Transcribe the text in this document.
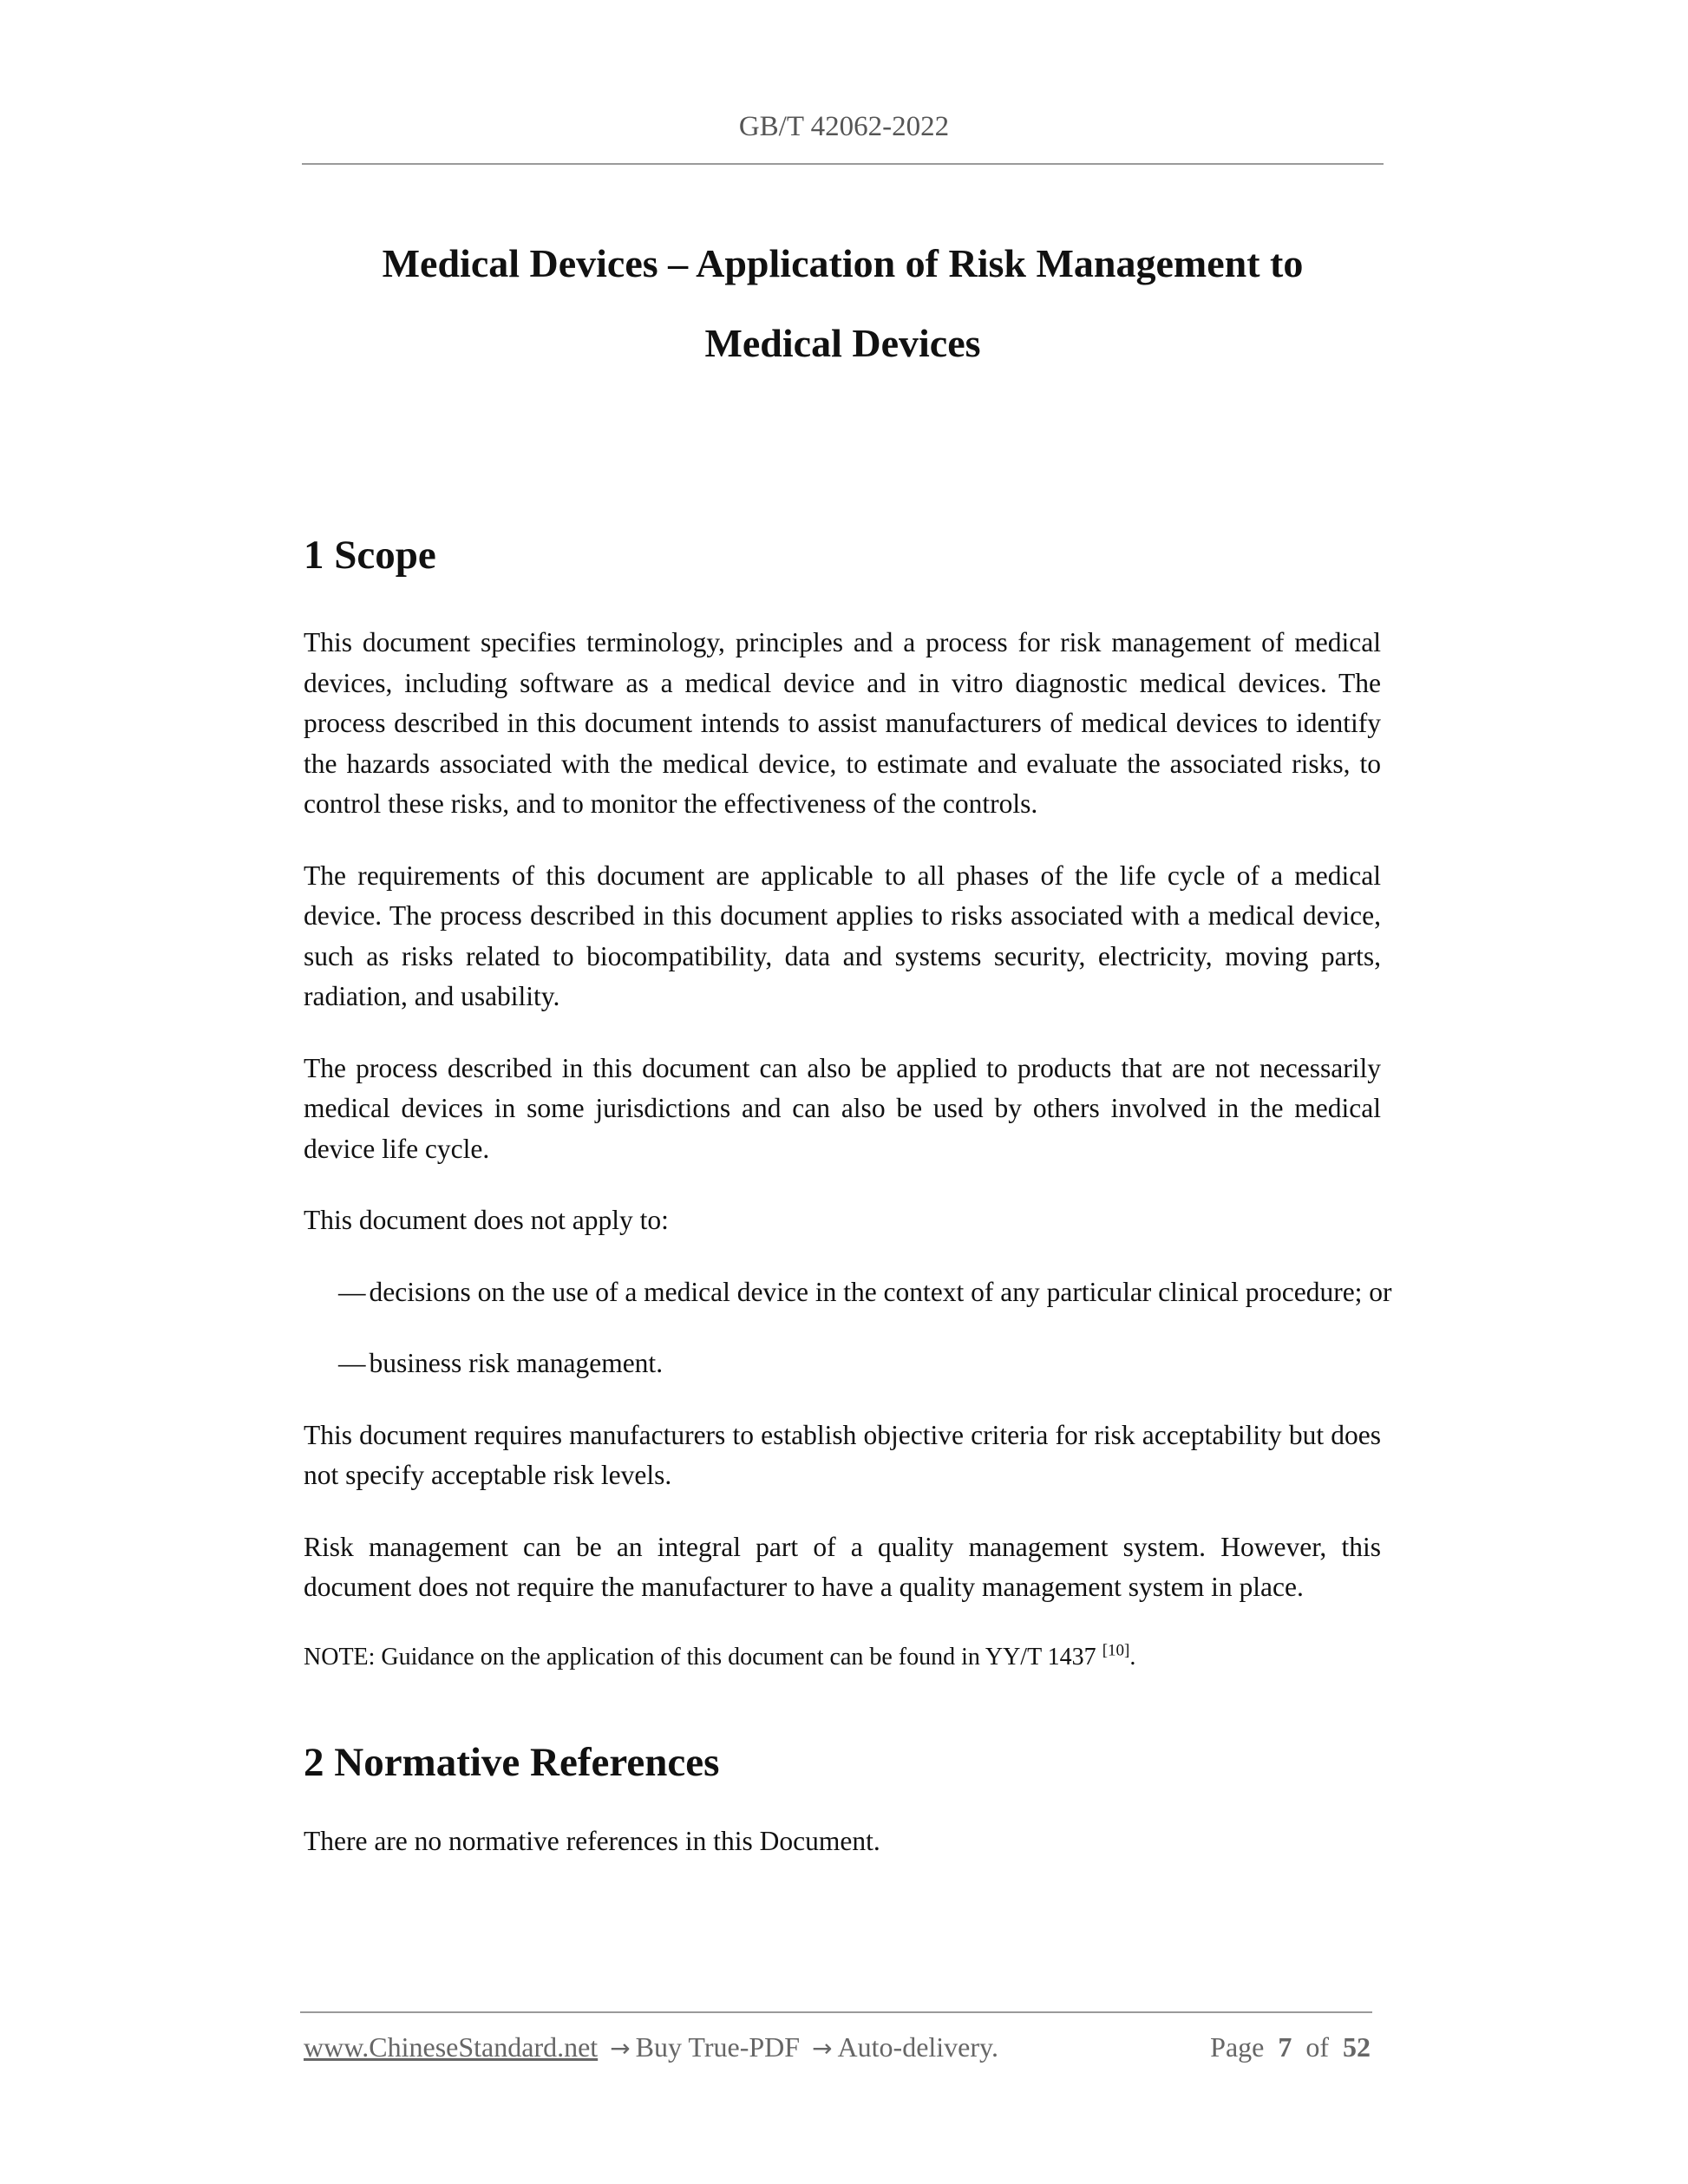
GB/T 42062-2022
Medical Devices – Application of Risk Management to
Medical Devices
1 Scope

This document specifies terminology, principles and a process for risk management of medical devices, including software as a medical device and in vitro diagnostic medical devices. The process described in this document intends to assist manufacturers of medical devices to identify the hazards associated with the medical device, to estimate and evaluate the associated risks, to control these risks, and to monitor the effectiveness of the controls.

The requirements of this document are applicable to all phases of the life cycle of a medical device. The process described in this document applies to risks associated with a medical device, such as risks related to biocompatibility, data and systems security, electricity, moving parts, radiation, and usability.

The process described in this document can also be applied to products that are not necessarily medical devices in some jurisdictions and can also be used by others involved in the medical device life cycle.

This document does not apply to:

— decisions on the use of a medical device in the context of any particular clinical procedure; or
— business risk management.

This document requires manufacturers to establish objective criteria for risk acceptability but does not specify acceptable risk levels.

Risk management can be an integral part of a quality management system. However, this document does not require the manufacturer to have a quality management system in place.

NOTE: Guidance on the application of this document can be found in YY/T 1437 [10].

2 Normative References

There are no normative references in this Document.

www.ChineseStandard.net → Buy True-PDF → Auto-delivery.	Page 7 of 52
